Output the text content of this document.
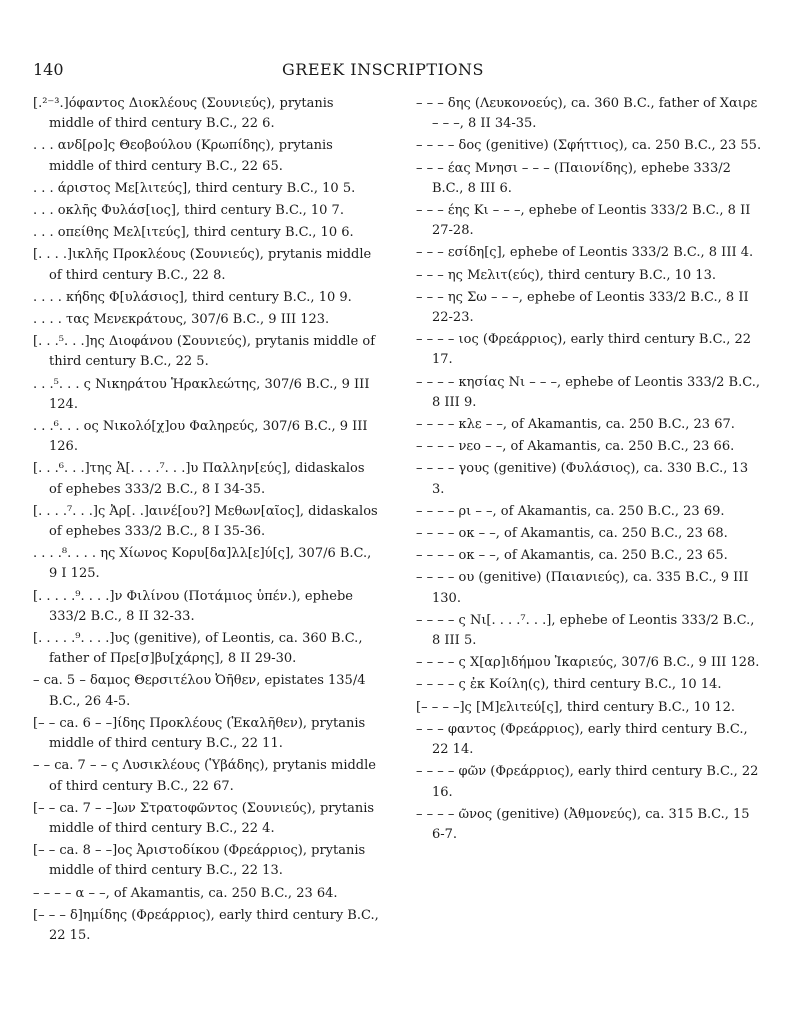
140	GREEK INSCRIPTIONS

[.²⁻³.]όφαντος Διοκλέους (Σουνιεύς), prytanis middle of third century B.C., 22 6.

. . . ανδ[ρο]ς Θεοβούλου (Κρωπίδης), prytanis middle of third century B.C., 22 65.

. . . άριστος Με[λιτεύς], third century B.C., 10 5.

. . . οκλῆς Φυλάσ[ιος], third century B.C., 10 7.

. . . οπείθης Μελ[ιτεύς], third century B.C., 10 6.

[. . . .]ικλῆς Προκλέους (Σουνιεύς), prytanis middle of third century B.C., 22 8.

. . . . κήδης Φ[υλάσιος], third century B.C., 10 9.

. . . . τας Μενεκράτους, 307/6 B.C., 9 III 123.

[. . .⁵. . .]ης Διοφάνου (Σουνιεύς), prytanis middle of third century B.C., 22 5.

. . .⁵. . . ς Νικηράτου Ἡρακλεώτης, 307/6 B.C., 9 III 124.

. . .⁶. . . ος Νικολό[χ]ου Φαληρεύς, 307/6 B.C., 9 III 126.

[. . .⁶. . .]της Ἀ[. . . .⁷. . .]υ Παλλην[εύς], didaskalos of ephebes 333/2 B.C., 8 I 34-35.

[. . . .⁷. . .]ς Ἀρ[. .]αινέ[ου?] Μεθων[αῖος], didaskalos of ephebes 333/2 B.C., 8 I 35-36.

. . . .⁸. . . . ης Χίωνος Κορυ[δα]λλ[ε]ύ[ς], 307/6 B.C., 9 I 125.

[. . . . .⁹. . . .]ν Φιλίνου (Ποτάμιος ὑπέν.), ephebe 333/2 B.C., 8 II 32-33.

[. . . . .⁹. . . .]υς (genitive), of Leontis, ca. 360 B.C., father of Πρε[σ]βυ[χάρης], 8 II 29-30.

– ca. 5 – δαμος Θερσιτέλου Ὀῆθεν, epistates 135/4 B.C., 26 4-5.

[– – ca. 6 – –]ίδης Προκλέους (Ἑκαλῆθεν), prytanis middle of third century B.C., 22 11.

– – ca. 7 – – ς Λυσικλέους (Ὑβάδης), prytanis middle of third century B.C., 22 67.

[– – ca. 7 – –]ων Στρατοφῶντος (Σουνιεύς), prytanis middle of third century B.C., 22 4.

[– – ca. 8 – –]ος Ἀριστοδίκου (Φρεάρριος), prytanis middle of third century B.C., 22 13.

– – – – α – –, of Akamantis, ca. 250 B.C., 23 64.

[– – – δ]ημίδης (Φρεάρριος), early third century B.C., 22 15.

– – – δης (Λευκονοεύς), ca. 360 B.C., father of Χαιρε – – –, 8 II 34-35.

– – – – δος (genitive) (Σφήττιος), ca. 250 B.C., 23 55.

– – – έας Μνησι – – – (Παιονίδης), ephebe 333/2 B.C., 8 III 6.

– – – έης Κι – – –, ephebe of Leontis 333/2 B.C., 8 II 27-28.

– – – εσίδη[ς], ephebe of Leontis 333/2 B.C., 8 III 4.

– – – ης Μελιτ(εύς), third century B.C., 10 13.

– – – ης Σω – – –, ephebe of Leontis 333/2 B.C., 8 II 22-23.

– – – – ιος (Φρεάρριος), early third century B.C., 22 17.

– – – – κησίας Νι – – –, ephebe of Leontis 333/2 B.C., 8 III 9.

– – – – κλε – –, of Akamantis, ca. 250 B.C., 23 67.

– – – – νεο – –, of Akamantis, ca. 250 B.C., 23 66.

– – – – γους (genitive) (Φυλάσιος), ca. 330 B.C., 13 3.

– – – – ρι – –, of Akamantis, ca. 250 B.C., 23 69.

– – – – οκ – –, of Akamantis, ca. 250 B.C., 23 68.

– – – – οκ – –, of Akamantis, ca. 250 B.C., 23 65.

– – – – ου (genitive) (Παιανιεύς), ca. 335 B.C., 9 III 130.

– – – – ς Νι[. . . .⁷. . .], ephebe of Leontis 333/2 B.C., 8 III 5.

– – – – ς Χ[αρ]ιδήμου Ἰκαριεύς, 307/6 B.C., 9 III 128.

– – – – ς ἐκ Κοίλη(ς), third century B.C., 10 14.

[– – – –]ς [Μ]ελιτεύ[ς], third century B.C., 10 12.

– – – φαντος (Φρεάρριος), early third century B.C., 22 14.

– – – – φῶν (Φρεάρριος), early third century B.C., 22 16.

– – – – ῶνος (genitive) (Ἀθμονεύς), ca. 315 B.C., 15 6-7.
